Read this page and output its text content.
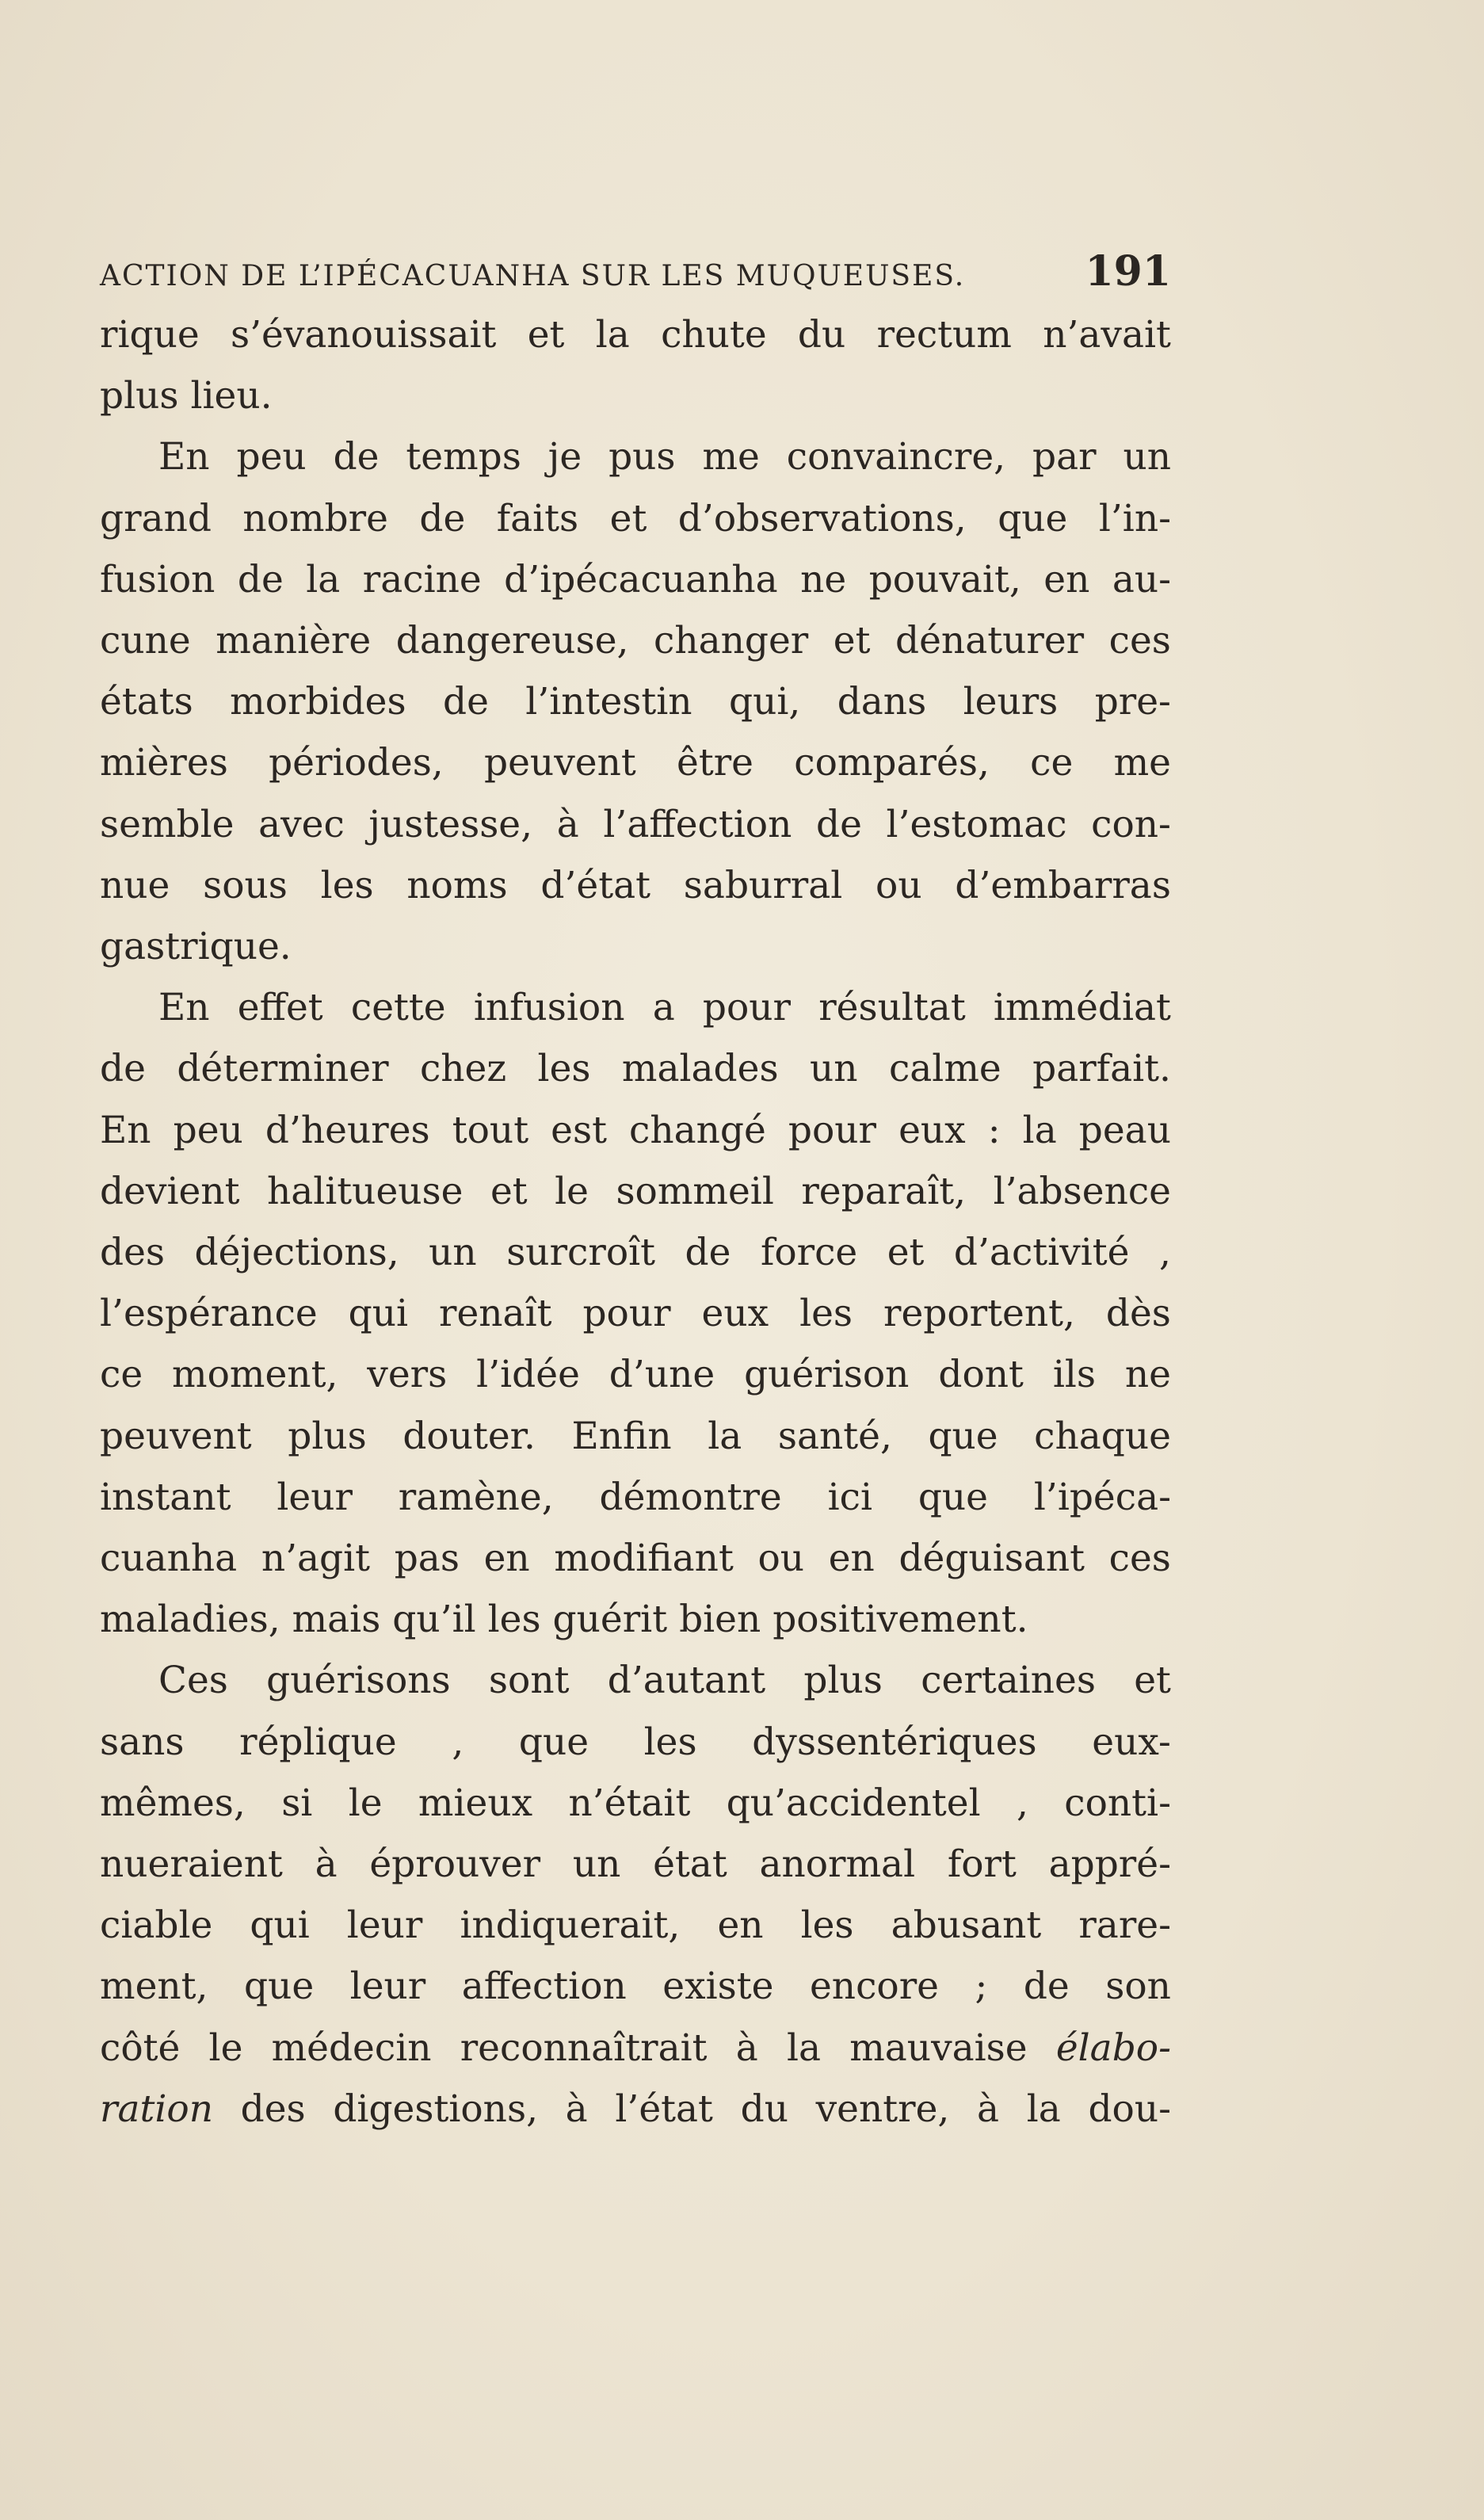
ACTION DE L’IPÉCACUANHA SUR LES MUQUEUSES.	191
rique s’évanouissait et la chute du rectum n’avait
plus lieu.
En peu de temps je pus me convaincre, par un
grand nombre de faits et d’observations, que l’in-
fusion de la racine d’ipécacuanha ne pouvait, en au-
cune manière dangereuse, changer et dénaturer ces
états morbides de l’intestin qui, dans leurs pre-
mières périodes, peuvent être comparés, ce me
semble avec justesse, à l’affection de l’estomac con-
nue sous les noms d’état saburral ou d’embarras
gastrique.
En effet cette infusion a pour résultat immédiat
de déterminer chez les malades un calme parfait.
En peu d’heures tout est changé pour eux : la peau
devient halitueuse et le sommeil reparaît, l’absence
des déjections, un surcroît de force et d’activité ,
l’espérance qui renaît pour eux les reportent, dès
ce moment, vers l’idée d’une guérison dont ils ne
peuvent plus douter. Enfin la santé, que chaque
instant leur ramène, démontre ici que l’ipéca-
cuanha n’agit pas en modifiant ou en déguisant ces
maladies, mais qu’il les guérit bien positivement.
Ces guérisons sont d’autant plus certaines et
sans réplique , que les dyssentériques eux-
mêmes, si le mieux n’était qu’accidentel , conti-
nueraient à éprouver un état anormal fort appré-
ciable qui leur indiquerait, en les abusant rare-
ment, que leur affection existe encore ; de son
côté le médecin reconnaîtrait à la mauvaise élabo-
ration des digestions, à l’état du ventre, à la dou-
